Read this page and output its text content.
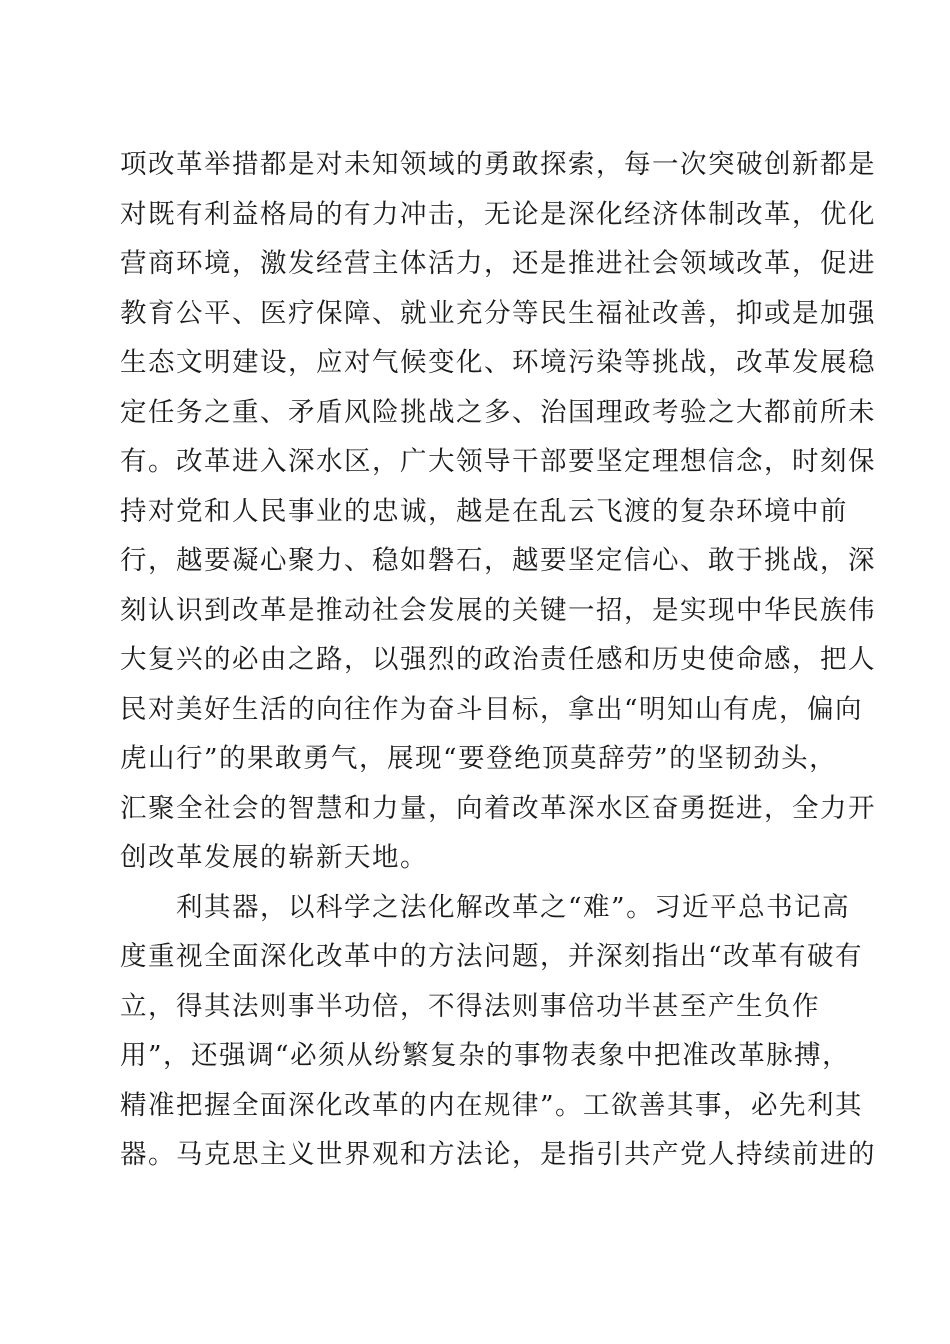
项改革举措都是对未知领域的勇敢探索，每一次突破创新都是
对既有利益格局的有力冲击，无论是深化经济体制改革，优化
营商环境，激发经营主体活力，还是推进社会领域改革，促进
教育公平、医疗保障、就业充分等民生福祉改善，抑或是加强
生态文明建设，应对气候变化、环境污染等挑战，改革发展稳
定任务之重、矛盾风险挑战之多、治国理政考验之大都前所未
有。改革进入深水区，广大领导干部要坚定理想信念，时刻保
持对党和人民事业的忠诚，越是在乱云飞渡的复杂环境中前
行，越要凝心聚力、稳如磐石，越要坚定信心、敢于挑战，深
刻认识到改革是推动社会发展的关键一招，是实现中华民族伟
大复兴的必由之路，以强烈的政治责任感和历史使命感，把人
民对美好生活的向往作为奋斗目标，拿出“明知山有虎，偏向
虎山行”的果敢勇气，展现“要登绝顶莫辞劳”的坚韧劲头，
汇聚全社会的智慧和力量，向着改革深水区奋勇挺进，全力开
创改革发展的崭新天地。
利其器，以科学之法化解改革之“难”。习近平总书记高
度重视全面深化改革中的方法问题，并深刻指出“改革有破有
立，得其法则事半功倍，不得法则事倍功半甚至产生负作
用”，还强调“必须从纷繁复杂的事物表象中把准改革脉搏，
精准把握全面深化改革的内在规律”。工欲善其事，必先利其
器。马克思主义世界观和方法论，是指引共产党人持续前进的
